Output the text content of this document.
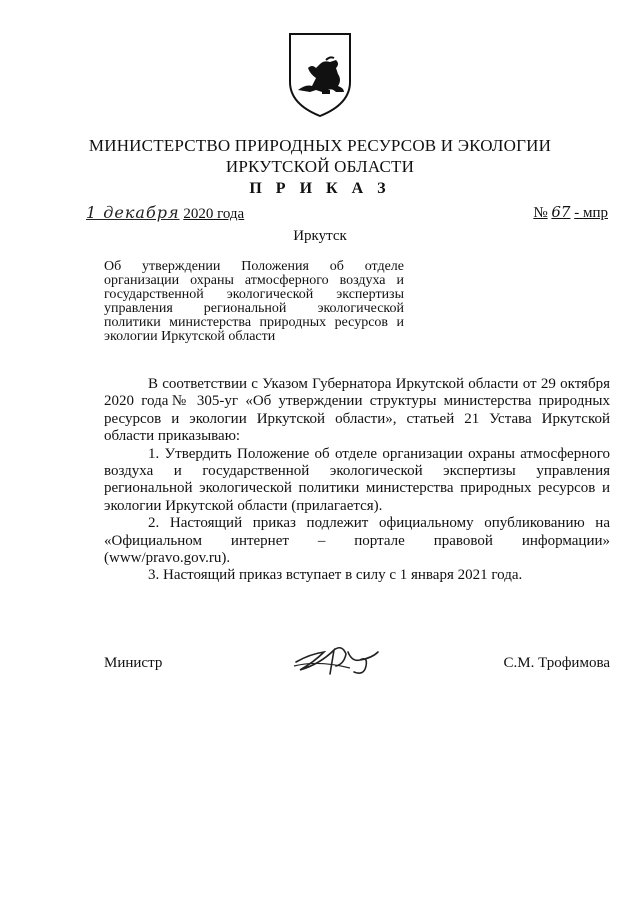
МИНИСТЕРСТВО ПРИРОДНЫХ РЕСУРСОВ И ЭКОЛОГИИ
ИРКУТСКОЙ ОБЛАСТИ
П Р И К А З
1 декабря 2020 года	№ 67 - мпр
Иркутск
Об утверждении Положения об отделе организации охраны атмосферного воздуха и государственной экологической экспертизы управления региональной экологической политики министерства природных ресурсов и экологии Иркутской области

В соответствии с Указом Губернатора Иркутской области от 29 октября 2020 года№ 305-уг «Об утверждении структуры министерства природных ресурсов и экологии Иркутской области», статьей 21 Устава Иркутской области приказываю:

1. Утвердить Положение об отделе организации охраны атмосферного воздуха и государственной экологической экспертизы управления региональной экологической политики министерства природных ресурсов и экологии Иркутской области (прилагается).

2. Настоящий приказ подлежит официальному опубликованию на «Официальном интернет – портале правовой информации» (www/pravo.gov.ru).

3. Настоящий приказ вступает в силу с 1 января 2021 года.

Министр	С.М. Трофимова
